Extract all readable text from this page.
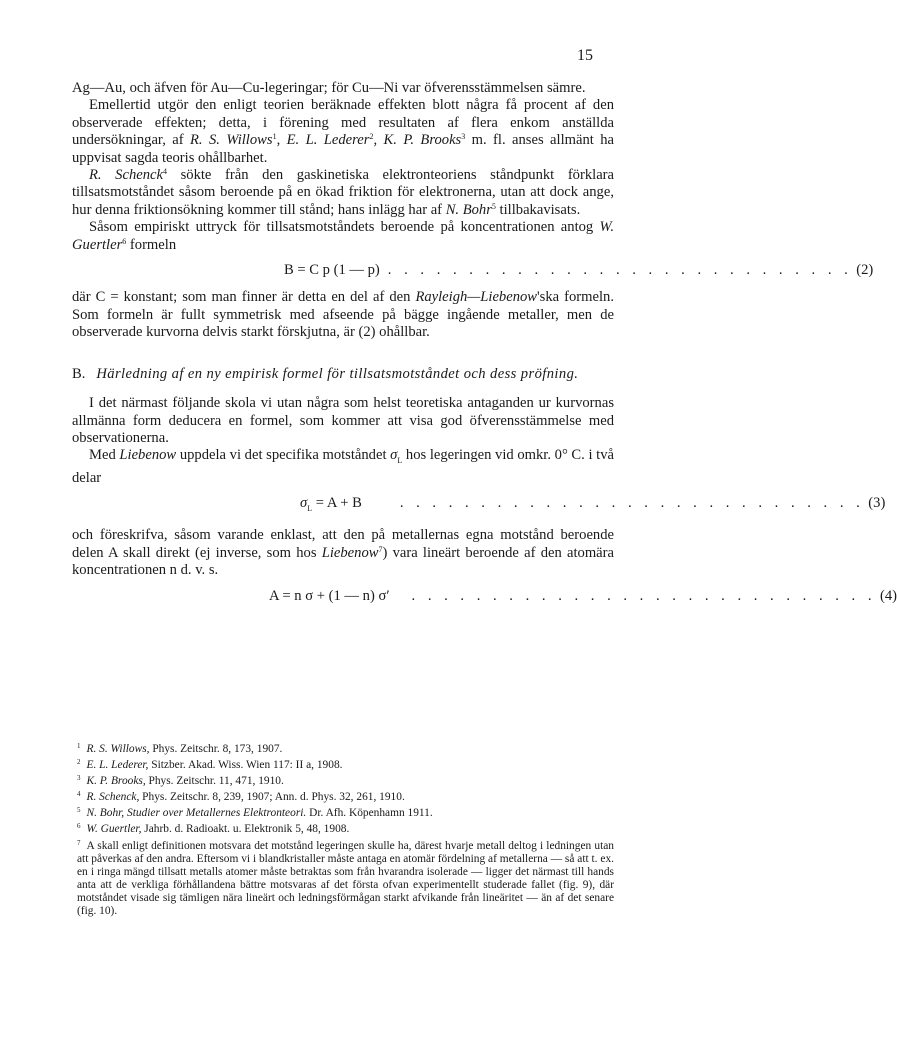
15

Ag—Au, och äfven för Au—Cu-legeringar; för Cu—Ni var öfverensstämmelsen sämre.

Emellertid utgör den enligt teorien beräknade effekten blott några få procent af den observerade effekten; detta, i förening med resultaten af flera enkom anställda undersökningar, af R. S. Willows$^1$, E. L. Lederer$^2$, K. P. Brooks$^3$ m. fl. anses allmänt ha uppvisat sagda teoris ohållbarhet.

R. Schenck$^4$ sökte från den gaskinetiska elektronteoriens ståndpunkt förklara tillsatsmotståndet såsom beroende på en ökad friktion för elektronerna, utan att dock ange, hur denna friktionsökning kommer till stånd; hans inlägg har af N. Bohr$^5$ tillbakavisats.

Såsom empiriskt uttryck för tillsatsmotståndets beroende på koncentrationen antog W. Guertler$^6$ formeln

B = C p (1 — p) . . . . . . . . . . . . . . . . . . . . . . . . . . . . . (2)

där C = konstant; som man finner är detta en del af den Rayleigh—Liebenow'ska formeln. Som formeln är fullt symmetrisk med afseende på bägge ingående metaller, men de observerade kurvorna delvis starkt förskjutna, är (2) ohållbar.

B. Härledning af en ny empirisk formel för tillsatsmotståndet och dess pröfning.

I det närmast följande skola vi utan några som helst teoretiska antaganden ur kurvornas allmänna form deducera en formel, som kommer att visa god öfverensstämmelse med observationerna.

Med Liebenow uppdela vi det specifika motståndet $\sigma_L$ hos legeringen vid omkr. 0° C. i två delar

$\sigma_L = A + B$	. . . . . . . . . . . . . . . . . . . . . . . . . . . . . (3)

och föreskrifva, såsom varande enklast, att den på metallernas egna motstånd beroende delen A skall direkt (ej inverse, som hos Liebenow$^7$) vara lineärt beroende af den atomära koncentrationen n d. v. s.

A = n σ + (1 — n) σ′ . . . . . . . . . . . . . . . . . . . . . . . . . . . . . (4)

$^1$ R. S. Willows, Phys. Zeitschr. 8, 173, 1907.

$^2$ E. L. Lederer, Sitzber. Akad. Wiss. Wien 117: II a, 1908.

$^3$ K. P. Brooks, Phys. Zeitschr. 11, 471, 1910.

$^4$ R. Schenck, Phys. Zeitschr. 8, 239, 1907; Ann. d. Phys. 32, 261, 1910.

$^5$ N. Bohr, Studier over Metallernes Elektronteori. Dr. Afh. Köpenhamn 1911.

$^6$ W. Guertler, Jahrb. d. Radioakt. u. Elektronik 5, 48, 1908.

$^7$ A skall enligt definitionen motsvara det motstånd legeringen skulle ha, därest hvarje metall deltog i ledningen utan att påverkas af den andra. Eftersom vi i blandkristaller måste antaga en atomär fördelning af metallerna — så att t. ex. en i ringa mängd tillsatt metalls atomer måste betraktas som från hvarandra isolerade — ligger det närmast till hands anta att de verkliga förhållandena bättre motsvaras af det första ofvan experimentellt studerade fallet (fig. 9), där motståndet visade sig tämligen nära lineärt och ledningsförmågan starkt afvikande från lineäritet — än af det senare (fig. 10).
